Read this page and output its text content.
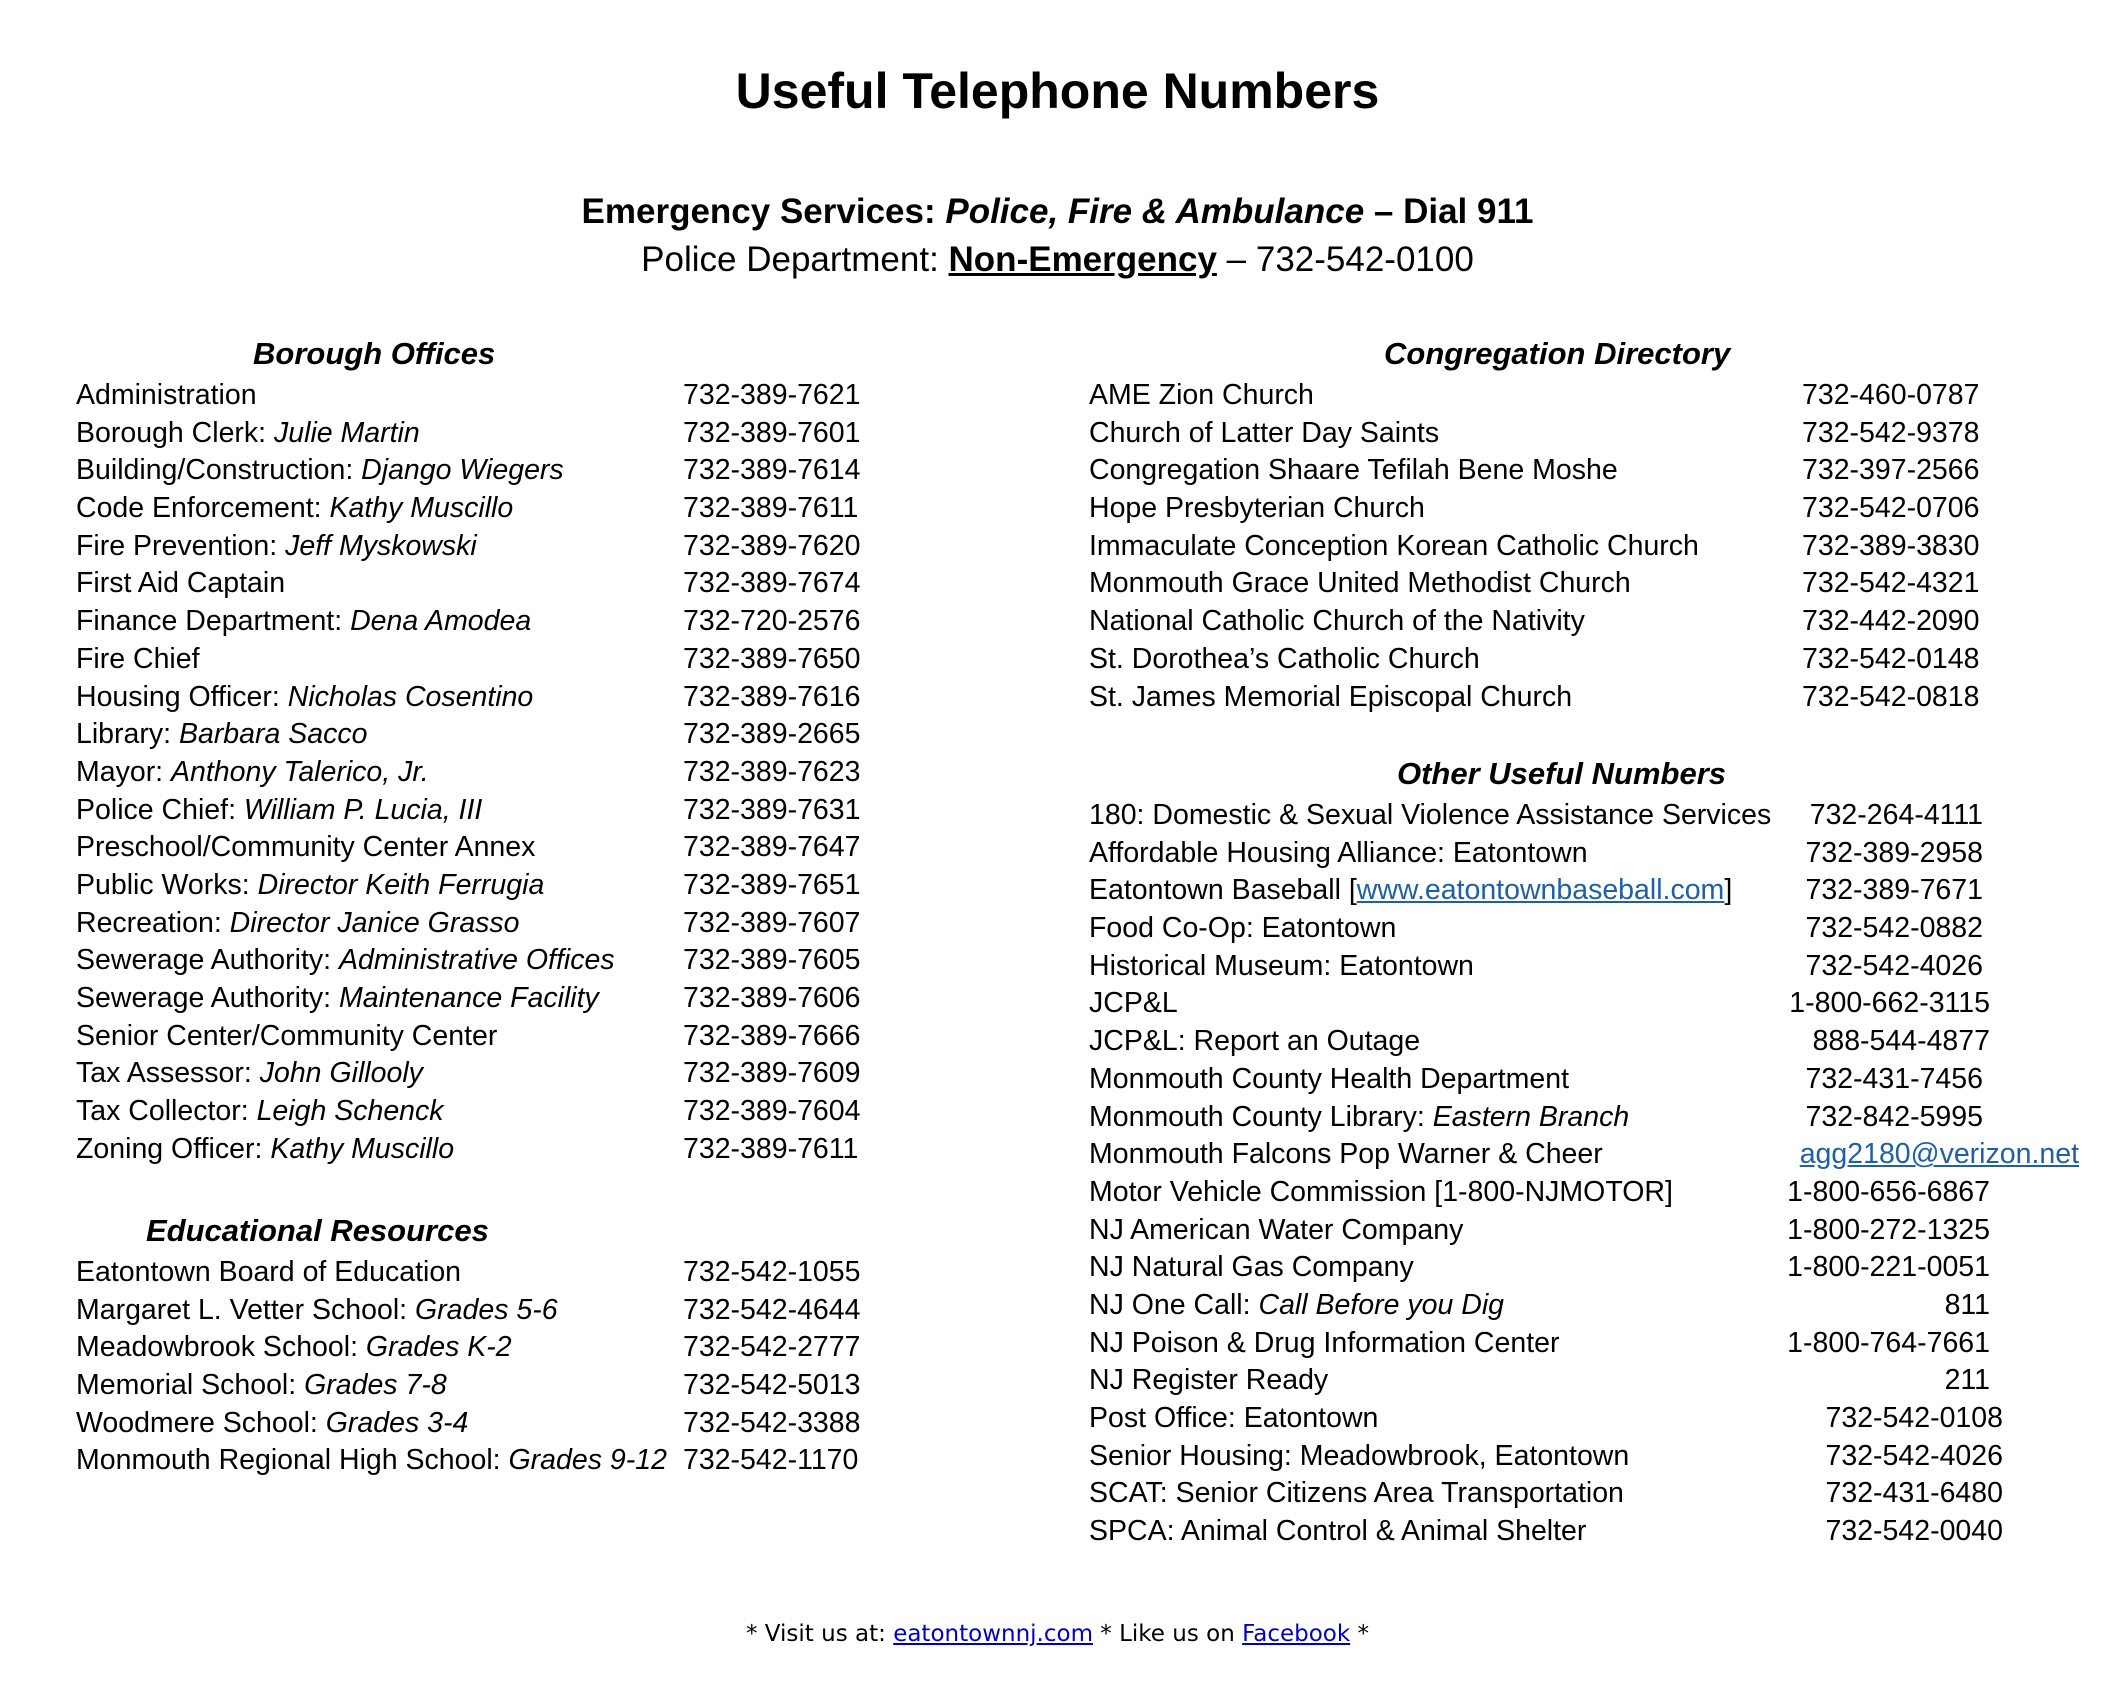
Useful Telephone Numbers
Emergency Services: Police, Fire & Ambulance – Dial 911
Police Department: Non-Emergency – 732-542-0100
Borough Offices
Administration	732-389-7621
Borough Clerk: Julie Martin	732-389-7601
Building/Construction: Django Wiegers	732-389-7614
Code Enforcement: Kathy Muscillo	732-389-7611
Fire Prevention: Jeff Myskowski	732-389-7620
First Aid Captain	732-389-7674
Finance Department: Dena Amodea	732-720-2576
Fire Chief	732-389-7650
Housing Officer: Nicholas Cosentino	732-389-7616
Library: Barbara Sacco	732-389-2665
Mayor: Anthony Talerico, Jr.	732-389-7623
Police Chief: William P. Lucia, III	732-389-7631
Preschool/Community Center Annex	732-389-7647
Public Works: Director Keith Ferrugia	732-389-7651
Recreation: Director Janice Grasso	732-389-7607
Sewerage Authority: Administrative Offices 732-389-7605
Sewerage Authority: Maintenance Facility	732-389-7606
Senior Center/Community Center	732-389-7666
Tax Assessor: John Gillooly	732-389-7609
Tax Collector: Leigh Schenck	732-389-7604
Zoning Officer: Kathy Muscillo	732-389-7611
Educational Resources
Eatontown Board of Education	732-542-1055
Margaret L. Vetter School: Grades 5-6	732-542-4644
Meadowbrook School: Grades K-2	732-542-2777
Memorial School: Grades 7-8	732-542-5013
Woodmere School: Grades 3-4	732-542-3388
Monmouth Regional High School: Grades 9-12 732-542-1170
Congregation Directory
AME Zion Church	732-460-0787
Church of Latter Day Saints	732-542-9378
Congregation Shaare Tefilah Bene Moshe	732-397-2566
Hope Presbyterian Church	732-542-0706
Immaculate Conception Korean Catholic Church	732-389-3830
Monmouth Grace United Methodist Church	732-542-4321
National Catholic Church of the Nativity	732-442-2090
St. Dorothea’s Catholic Church	732-542-0148
St. James Memorial Episcopal Church	732-542-0818
Other Useful Numbers
180: Domestic & Sexual Violence Assistance Services 732-264-4111
Affordable Housing Alliance: Eatontown	732-389-2958
Eatontown Baseball [www.eatontownbaseball.com]	732-389-7671
Food Co-Op: Eatontown	732-542-0882
Historical Museum: Eatontown	732-542-4026
JCP&L	1-800-662-3115
JCP&L: Report an Outage	888-544-4877
Monmouth County Health Department	732-431-7456
Monmouth County Library: Eastern Branch	732-842-5995
Monmouth Falcons Pop Warner & Cheer	agg2180@verizon.net
Motor Vehicle Commission [1-800-NJMOTOR]	1-800-656-6867
NJ American Water Company	1-800-272-1325
NJ Natural Gas Company	1-800-221-0051
NJ One Call: Call Before you Dig	811
NJ Poison & Drug Information Center	1-800-764-7661
NJ Register Ready	211
Post Office: Eatontown	732-542-0108
Senior Housing: Meadowbrook, Eatontown	732-542-4026
SCAT: Senior Citizens Area Transportation	732-431-6480
SPCA: Animal Control & Animal Shelter	732-542-0040
* Visit us at: eatontownnj.com * Like us on Facebook *
